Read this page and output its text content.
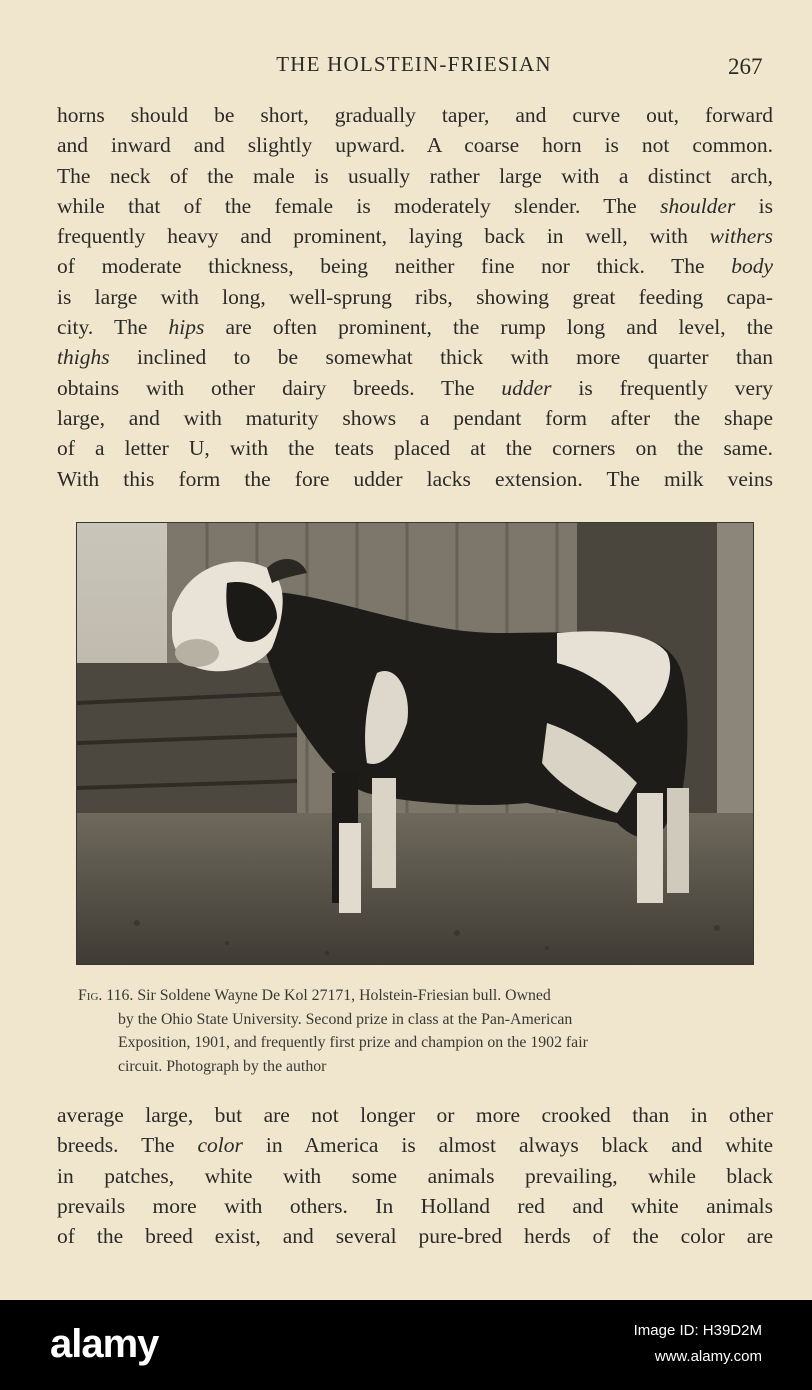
THE HOLSTEIN-FRIESIAN	267
horns should be short, gradually taper, and curve out, forward
and inward and slightly upward. A coarse horn is not common.
The neck of the male is usually rather large with a distinct arch,
while that of the female is moderately slender. The shoulder is
frequently heavy and prominent, laying back in well, with withers
of moderate thickness, being neither fine nor thick. The body
is large with long, well-sprung ribs, showing great feeding capa-
city. The hips are often prominent, the rump long and level, the
thighs inclined to be somewhat thick with more quarter than
obtains with other dairy breeds. The udder is frequently very
large, and with maturity shows a pendant form after the shape
of a letter U, with the teats placed at the corners on the same.
With this form the fore udder lacks extension. The milk veins
Fig. 116. Sir Soldene Wayne De Kol 27171, Holstein-Friesian bull. Owned
by the Ohio State University. Second prize in class at the Pan-American
Exposition, 1901, and frequently first prize and champion on the 1902 fair
circuit. Photograph by the author
average large, but are not longer or more crooked than in other
breeds. The color in America is almost always black and white
in patches, white with some animals prevailing, while black
prevails more with others. In Holland red and white animals
of the breed exist, and several pure-bred herds of the color are
alamy	Image ID: H39D2M
www.alamy.com
